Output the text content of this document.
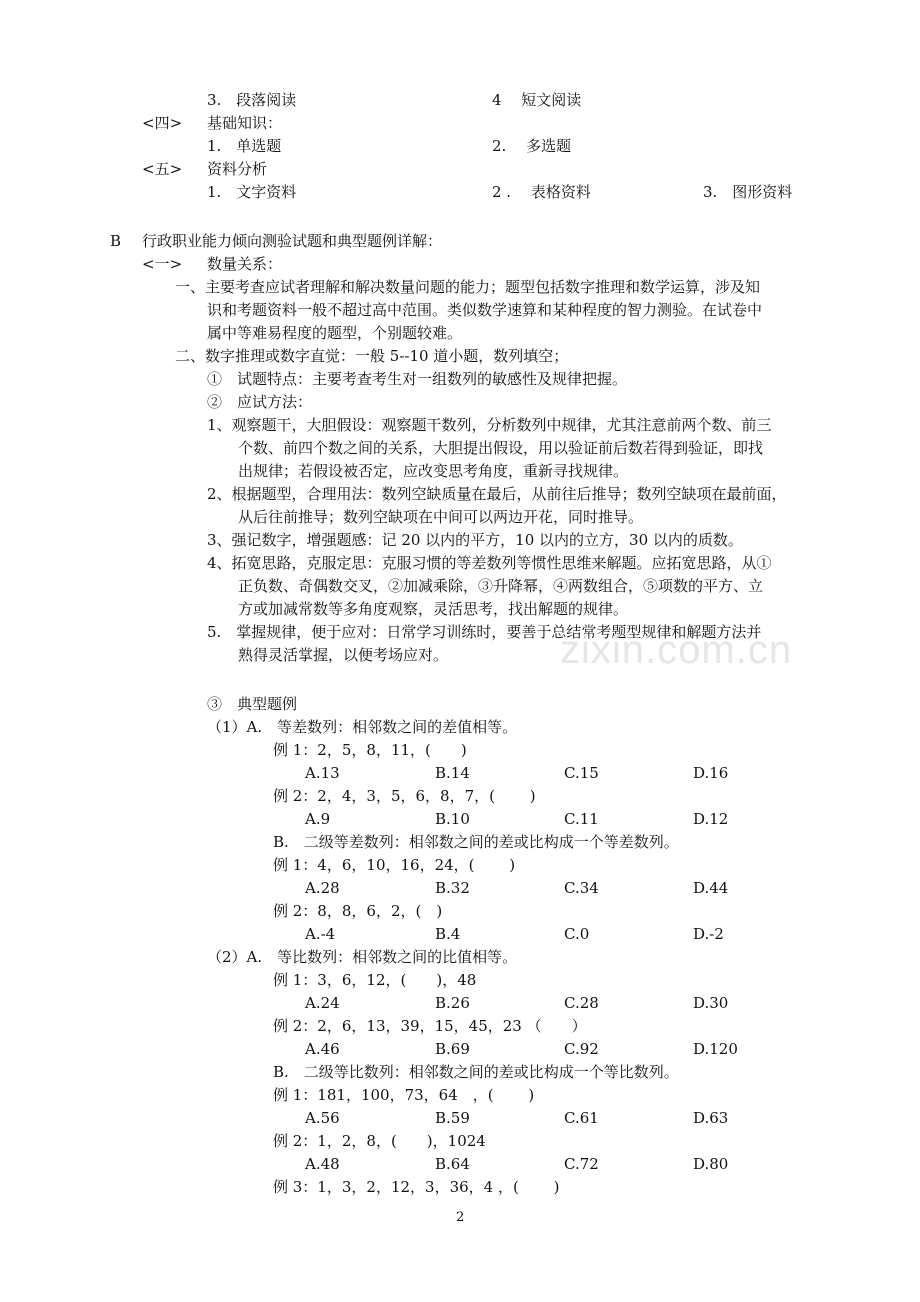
3.　段落阅读	4　 短文阅读
<四> 基础知识：
1.　单选题	2.　 多选题
<五> 资料分析
1.　文字资料	2 .　 表格资料	3.　图形资料
B 行政职业能力倾向测验试题和典型题例详解：
<一> 数量关系：
一、主要考查应试者理解和解决数量问题的能力；题型包括数字推理和数学运算，涉及知
识和考题资料一般不超过高中范围。类似数学速算和某种程度的智力测验。在试卷中
属中等难易程度的题型，个别题较难。
二、数字推理或数字直觉：一般 5--10 道小题，数列填空；
①　试题特点：主要考查考生对一组数列的敏感性及规律把握。
②　应试方法：
1、观察题干，大胆假设：观察题干数列，分析数列中规律，尤其注意前两个数、前三
个数、前四个数之间的关系，大胆提出假设，用以验证前后数若得到验证，即找
出规律；若假设被否定，应改变思考角度，重新寻找规律。
2、根据题型，合理用法：数列空缺质量在最后，从前往后推导；数列空缺项在最前面，
从后往前推导；数列空缺项在中间可以两边开花，同时推导。
3、强记数字，增强题感：记 20 以内的平方，10 以内的立方，30 以内的质数。
4、拓宽思路，克服定思：克服习惯的等差数列等惯性思维来解题。应拓宽思路，从①
正负数、奇偶数交叉，②加减乘除，③升降幂，④两数组合，⑤项数的平方、立
方或加减常数等多角度观察，灵活思考，找出解题的规律。
5.　掌握规律，便于应对：日常学习训练时，要善于总结常考题型规律和解题方法并
熟得灵活掌握，以便考场应对。
③　典型题例
（1）A.　等差数列：相邻数之间的差值相等。
例 1：2，5，8，11，(　　)
A.13	B.14	C.15	D.16
例 2：2，4，3，5，6，8，7，(　　 )
A.9	B.10	C.11	D.12
B.　二级等差数列：相邻数之间的差或比构成一个等差数列。
例 1：4，6，10，16，24，(　　 )
A.28	B.32	C.34	D.44
例 2：8，8，6，2，(　)
A.-4	B.4	C.0	D.-2
（2）A.　等比数列：相邻数之间的比值相等。
例 1：3，6，12，(　　)，48
A.24	B.26	C.28	D.30
例 2：2，6，13，39，15，45，23 （　　）
A.46	B.69	C.92	D.120
B.　二级等比数列：相邻数之间的差或比构成一个等比数列。
例 1：181，100，73，64　，(　　 )
A.56	B.59	C.61	D.63
例 2：1，2，8，(　　)，1024
A.48	B.64	C.72	D.80
例 3：1，3，2，12，3，36，4 ，(　　 )
zixin.com.cn
2
